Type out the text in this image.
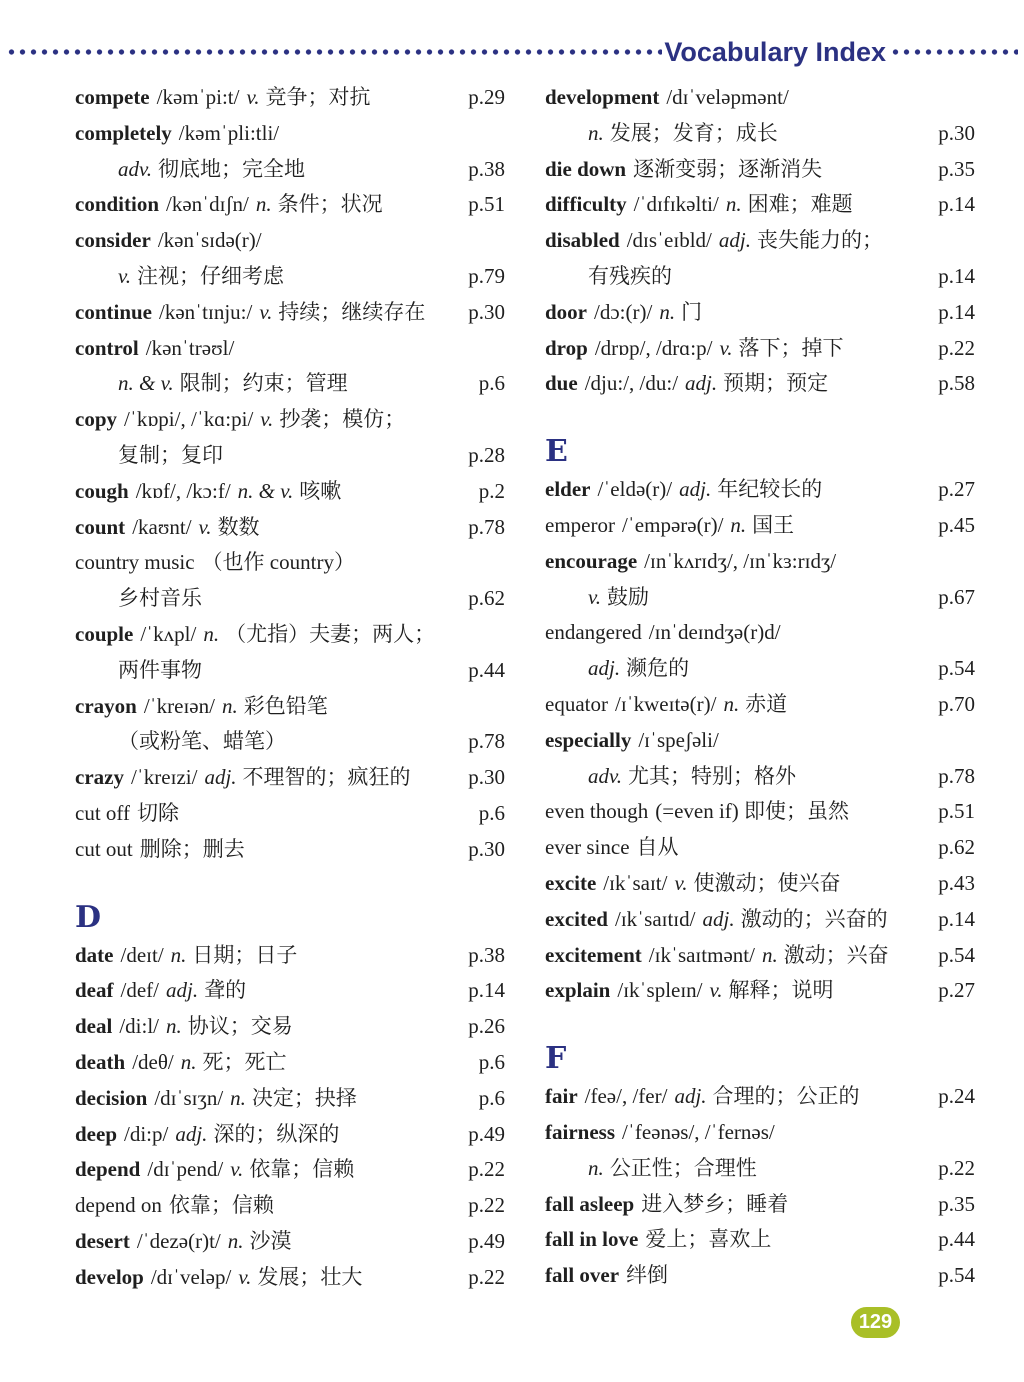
Vocabulary Index
compete /kəmˈpi:t/ v. 竞争；对抗	p.29
completely /kəmˈpli:tli/
adv. 彻底地；完全地	p.38
condition /kənˈdɪʃn/ n. 条件；状况	p.51
consider /kənˈsɪdə(r)/
v. 注视；仔细考虑	p.79
continue /kənˈtɪnju:/ v. 持续；继续存在 p.30
control /kənˈtrəʊl/
n. & v. 限制；约束；管理	p.6
copy /ˈkɒpi/, /ˈkɑ:pi/ v. 抄袭；模仿；
复制；复印	p.28
cough /kɒf/, /kɔ:f/ n. & v. 咳嗽	p.2
count /kaʊnt/ v. 数数	p.78
country music （也作 country）
乡村音乐	p.62
couple /ˈkʌpl/ n. （尤指）夫妻；两人；
两件事物	p.44
crayon /ˈkreɪən/ n. 彩色铅笔
（或粉笔、蜡笔）	p.78
crazy /ˈkreɪzi/ adj. 不理智的；疯狂的	p.30
cut off 切除	p.6
cut out 删除；删去	p.30
D
date /deɪt/ n. 日期；日子	p.38
deaf /def/ adj. 聋的	p.14
deal /di:l/ n. 协议；交易	p.26
death /deθ/ n. 死；死亡	p.6
decision /dɪˈsɪʒn/ n. 决定；抉择	p.6
deep /di:p/ adj. 深的；纵深的	p.49
depend /dɪˈpend/ v. 依靠；信赖	p.22
depend on 依靠；信赖	p.22
desert /ˈdezə(r)t/ n. 沙漠	p.49
develop /dɪˈveləp/ v. 发展；壮大	p.22
development /dɪˈveləpmənt/
n. 发展；发育；成长	p.30
die down 逐渐变弱；逐渐消失	p.35
difficulty /ˈdɪfɪkəlti/ n. 困难；难题	p.14
disabled /dɪsˈeɪbld/ adj. 丧失能力的；
有残疾的	p.14
door /dɔ:(r)/ n. 门	p.14
drop /drɒp/, /drɑ:p/ v. 落下；掉下	p.22
due /dju:/, /du:/ adj. 预期；预定	p.58
E
elder /ˈeldə(r)/ adj. 年纪较长的	p.27
emperor /ˈempərə(r)/ n. 国王	p.45
encourage /ɪnˈkʌrɪdʒ/, /ɪnˈkɜ:rɪdʒ/
v. 鼓励	p.67
endangered /ɪnˈdeɪndʒə(r)d/
adj. 濒危的	p.54
equator /ɪˈkweɪtə(r)/ n. 赤道	p.70
especially /ɪˈspeʃəli/
adv. 尤其；特别；格外	p.78
even though (=even if) 即使；虽然	p.51
ever since 自从	p.62
excite /ɪkˈsaɪt/ v. 使激动；使兴奋	p.43
excited /ɪkˈsaɪtɪd/ adj. 激动的；兴奋的 p.14
excitement /ɪkˈsaɪtmənt/ n. 激动；兴奋 p.54
explain /ɪkˈspleɪn/ v. 解释；说明	p.27
F
fair /feə/, /fer/ adj. 合理的；公正的	p.24
fairness /ˈfeənəs/, /ˈfernəs/
n. 公正性；合理性	p.22
fall asleep 进入梦乡；睡着	p.35
fall in love 爱上；喜欢上	p.44
fall over 绊倒	p.54
129
